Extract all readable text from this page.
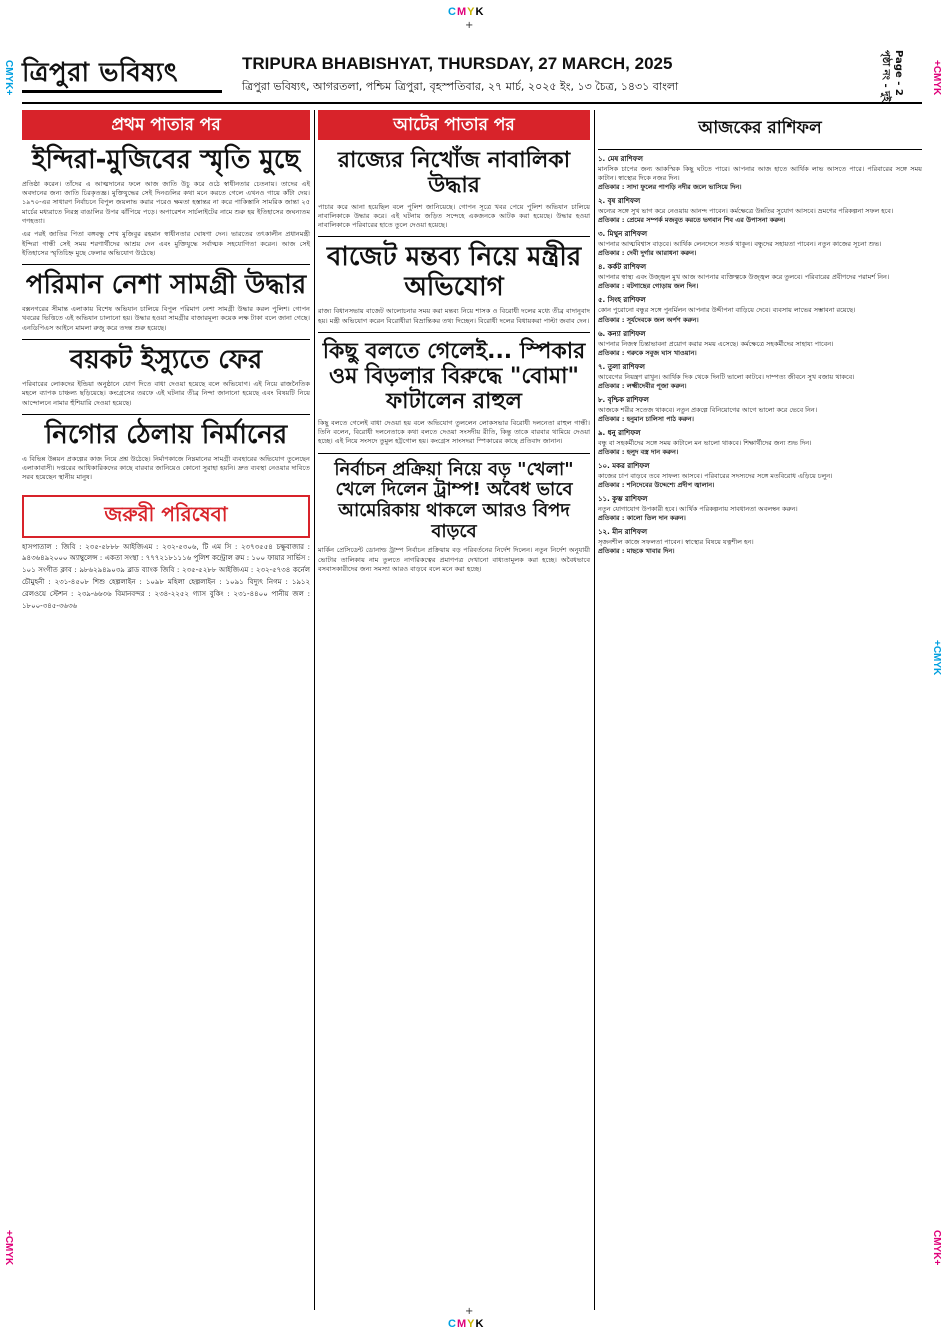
CMYK
+
CMYK
+
CMYK+
+CMYK
+CMYK
+CMYK
CMYK+
ত্রিপুরা ভবিষ্যৎ	TRIPURA BHABISHYAT, THURSDAY, 27 MARCH, 2025
ত্রিপুরা ভবিষ্যৎ, আগরতলা, পশ্চিম ত্রিপুরা, বৃহস্পতিবার, ২৭ মার্চ, ২০২৫ ইং, ১৩ চৈত্র, ১৪৩১ বাংলা	Page - 2 পৃষ্ঠা নং - দুই
প্রথম পাতার পর
ইন্দিরা-মুজিবের স্মৃতি মুছে
প্রতিষ্ঠা করেন। তাঁদের এ আত্মদানের ফলে আজ জাতি উচু করে ওঠে স্বাধীনতার চেতনায়। তাদের এই অবদানের জন্য জাতি চিরকৃতজ্ঞ। মুক্তিযুদ্ধের সেই দিনগুলির কথা মনে করতে গেলে এখনও গায়ে কাঁটা দেয়। ১৯৭০-এর সাধারণ নির্বাচনে বিপুল জয়লাভ করার পরেও ক্ষমতা হস্তান্তর না করে পাকিস্তানি সামরিক জান্তা ২৫ মার্চের মধ্যরাতে নিরস্ত্র বাঙালির উপর ঝাঁপিয়ে পড়ে। অপারেশন সার্চলাইটের নামে শুরু হয় ইতিহাসের জঘন্যতম গণহত্যা।
এর পরই জাতির পিতা বঙ্গবন্ধু শেখ মুজিবুর রহমান স্বাধীনতার ঘোষণা দেন। ভারতের তৎকালীন প্রধানমন্ত্রী ইন্দিরা গান্ধী সেই সময় শরণার্থীদের আশ্রয় দেন এবং মুক্তিযুদ্ধে সর্বাত্মক সহযোগিতা করেন। আজ সেই ইতিহাসের স্মৃতিচিহ্ন মুছে ফেলার অভিযোগ উঠেছে।
পরিমান নেশা সামগ্রী উদ্ধার
বক্সনগরের সীমান্ত এলাকায় বিশেষ অভিযান চালিয়ে বিপুল পরিমাণ নেশা সামগ্রী উদ্ধার করল পুলিশ। গোপন খবরের ভিত্তিতে এই অভিযান চালানো হয়। উদ্ধার হওয়া সামগ্রীর বাজারমূল্য কয়েক লক্ষ টাকা বলে জানা গেছে। এনডিপিএস আইনে মামলা রুজু করে তদন্ত শুরু হয়েছে।
বয়কট ইস্যুতে ফের
পরিবারের লোকদের ইন্ডিয়া অনুষ্ঠানে যোগ দিতে বাধা দেওয়া হয়েছে বলে অভিযোগ। এই নিয়ে রাজনৈতিক মহলে ব্যাপক চাঞ্চল্য ছড়িয়েছে। কংগ্রেসের তরফে এই ঘটনার তীব্র নিন্দা জানানো হয়েছে এবং বিষয়টি নিয়ে আন্দোলনে নামার হুঁশিয়ারি দেওয়া হয়েছে।
নিগোর ঠেলায় নির্মানের
এ বিভিন্ন উন্নয়ন প্রকল্পের কাজ নিয়ে প্রশ্ন উঠেছে। নির্মাণকাজে নিম্নমানের সামগ্রী ব্যবহারের অভিযোগ তুলেছেন এলাকাবাসী। দপ্তরের আধিকারিকদের কাছে বারবার জানিয়েও কোনো সুরাহা হয়নি। দ্রুত ব্যবস্থা নেওয়ার দাবিতে সরব হয়েছেন স্থানীয় মানুষ।
জরুরী পরিষেবা
হাসপাতাল : জিবি : ২৩৫-৫৮৮৮ আইজিএম : ২৩২-৫৩০৬, টি এম সি : ২৩৭৩৫৫৪ চক্ষুবাজার : ৯৪৩৬৪৯২০০০ অ্যাম্বুলেন্স : একতা সংস্থা : ৭৭৭২১৮১১১৬ পুলিশ কন্ট্রোল রুম : ১০০ ফায়ার সার্ভিস : ১০১ সংগীত ক্লাব : ৯৮৬২৯৪৯০৩৯ ব্লাড ব্যাংক জিবি : ২৩৫-৫২৮৮ আইজিএম : ২৩২-৫৭৩৪ কর্নেল চৌমুহনী : ২৩১-৪৫০৮ শিশু হেল্পলাইন : ১০৯৮ মহিলা হেল্পলাইন : ১০৯১ বিদ্যুৎ নিগম : ১৯১২ রেলওয়ে স্টেশন : ২৩৯-৬৬৩৬ বিমানবন্দর : ২৩৪-২২৫২ গ্যাস বুকিং : ২৩১-৪৪০০ পানীয় জল : ১৮০০-৩৪৫-৩৬৩৬
আটের পাতার পর
রাজ্যের নিখোঁজ নাবালিকা উদ্ধার
পাচার করে আনা হয়েছিল বলে পুলিশ জানিয়েছে। গোপন সূত্রে খবর পেয়ে পুলিশ অভিযান চালিয়ে নাবালিকাকে উদ্ধার করে। এই ঘটনায় জড়িত সন্দেহে একজনকে আটক করা হয়েছে। উদ্ধার হওয়া নাবালিকাকে পরিবারের হাতে তুলে দেওয়া হয়েছে।
বাজেট মন্তব্য নিয়ে মন্ত্রীর অভিযোগ
রাজ্য বিধানসভায় বাজেট আলোচনার সময় করা মন্তব্য নিয়ে শাসক ও বিরোধী দলের মধ্যে তীব্র বাদানুবাদ হয়। মন্ত্রী অভিযোগ করেন বিরোধীরা বিভ্রান্তিকর তথ্য দিচ্ছেন। বিরোধী দলের বিধায়করা পাল্টা জবাব দেন।
কিছু বলতে গেলেই... স্পিকার ওম বিড়লার বিরুদ্ধে "বোমা" ফাটালেন রাহুল
কিছু বলতে গেলেই বাধা দেওয়া হয় বলে অভিযোগ তুললেন লোকসভার বিরোধী দলনেতা রাহুল গান্ধী। তিনি বলেন, বিরোধী দলনেতাকে কথা বলতে দেওয়া সংসদীয় রীতি, কিন্তু তাকে বারবার থামিয়ে দেওয়া হচ্ছে। এই নিয়ে সংসদে তুমুল হট্টগোল হয়। কংগ্রেস সাংসদরা স্পিকারের কাছে প্রতিবাদ জানান।
নির্বাচন প্রক্রিয়া নিয়ে বড় "খেলা" খেলে দিলেন ট্রাম্প! অবৈধ ভাবে আমেরিকায় থাকলে আরও বিপদ বাড়বে
মার্কিন প্রেসিডেন্ট ডোনাল্ড ট্রাম্প নির্বাচন প্রক্রিয়ায় বড় পরিবর্তনের নির্দেশ দিলেন। নতুন নির্দেশ অনুযায়ী ভোটার তালিকায় নাম তুলতে নাগরিকত্বের প্রমাণপত্র দেখানো বাধ্যতামূলক করা হচ্ছে। অবৈধভাবে বসবাসকারীদের জন্য সমস্যা আরও বাড়বে বলে মনে করা হচ্ছে।
আজকের রাশিফল
১. মেষ রাশিফল
মানসিক চাপের জন্য আকস্মিক কিছু ঘটতে পারে। আপনার আজ হাতে আর্থিক লাভ আসতে পারে। পরিবারের সঙ্গে সময় কাটান। স্বাস্থ্যের দিকে নজর দিন।
প্রতিকার : সাদা ফুলের পাপড়ি নদীর জলে ভাসিয়ে দিন।
২. বৃষ রাশিফল
অন্যের সঙ্গে সুখ ভাগ করে নেওয়ায় আনন্দ পাবেন। কর্মক্ষেত্রে উন্নতির সুযোগ আসবে। ভ্রমণের পরিকল্পনা সফল হবে।
প্রতিকার : প্রেমের সম্পর্ক মজবুত করতে ভগবান শিব এর উপাসনা করুন।
৩. মিথুন রাশিফল
আপনার আত্মবিশ্বাস বাড়বে। আর্থিক লেনদেনে সতর্ক থাকুন। বন্ধুদের সহায়তা পাবেন। নতুন কাজের সূচনা শুভ।
প্রতিকার : দেবী দুর্গার আরাধনা করুন।
৪. কর্কট রাশিফল
আপনার স্বাস্থ্য এবং উজ্জ্বল মুখ আজ আপনার ব্যক্তিত্বকে উজ্জ্বল করে তুলবে। পরিবারের প্রবীণদের পরামর্শ নিন।
প্রতিকার : বটগাছের গোড়ায় জল দিন।
৫. সিংহ রাশিফল
কোন পুরোনো বন্ধুর সঙ্গে পুনর্মিলন আপনার উদ্দীপনা বাড়িয়ে দেবে। ব্যবসায় লাভের সম্ভাবনা রয়েছে।
প্রতিকার : সূর্যদেবকে জল অর্পণ করুন।
৬. কন্যা রাশিফল
আপনার নিজস্ব চিন্তাভাবনা প্রয়োগ করার সময় এসেছে। কর্মক্ষেত্রে সহকর্মীদের সাহায্য পাবেন।
প্রতিকার : গরুকে সবুজ ঘাস খাওয়ান।
৭. তুলা রাশিফল
আবেগের নিয়ন্ত্রণ রাখুন। আর্থিক দিক থেকে দিনটি ভালো কাটবে। দাম্পত্য জীবনে সুখ বজায় থাকবে।
প্রতিকার : লক্ষ্মীদেবীর পূজা করুন।
৮. বৃশ্চিক রাশিফল
আজকে শরীর সতেজ থাকবে। নতুন প্রকল্পে বিনিয়োগের আগে ভালো করে ভেবে নিন।
প্রতিকার : হনুমান চালিসা পাঠ করুন।
৯. ধনু রাশিফল
বন্ধু বা সহকর্মীদের সঙ্গে সময় কাটালে মন ভালো থাকবে। শিক্ষার্থীদের জন্য শুভ দিন।
প্রতিকার : হলুদ বস্ত্র দান করুন।
১০. মকর রাশিফল
কাজের চাপ বাড়বে তবে সাফল্য আসবে। পরিবারের সদস্যদের সঙ্গে মতবিরোধ এড়িয়ে চলুন।
প্রতিকার : শনিদেবের উদ্দেশ্যে প্রদীপ জ্বালান।
১১. কুম্ভ রাশিফল
নতুন যোগাযোগ উপকারী হবে। আর্থিক পরিকল্পনায় সাবধানতা অবলম্বন করুন।
প্রতিকার : কালো তিল দান করুন।
১২. মীন রাশিফল
সৃজনশীল কাজে সফলতা পাবেন। স্বাস্থ্যের বিষয়ে যত্নশীল হন।
প্রতিকার : মাছকে খাবার দিন।
